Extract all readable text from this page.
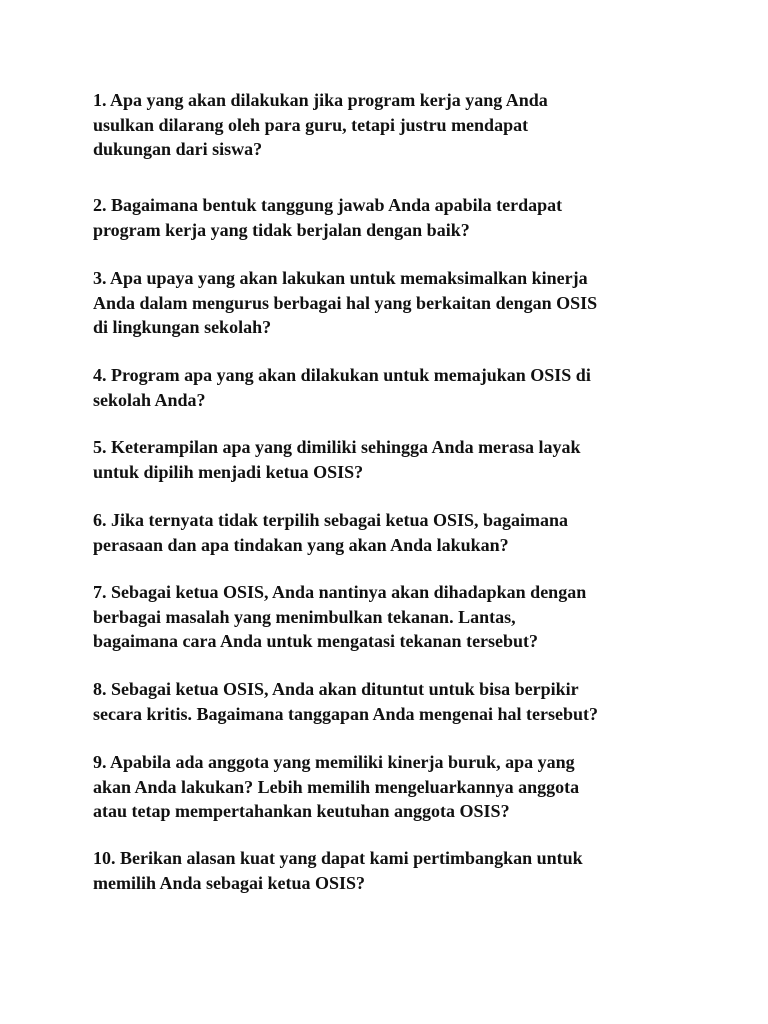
1. Apa yang akan dilakukan jika program kerja yang Anda
usulkan dilarang oleh para guru, tetapi justru mendapat
dukungan dari siswa?

2. Bagaimana bentuk tanggung jawab Anda apabila terdapat
program kerja yang tidak berjalan dengan baik?

3. Apa upaya yang akan lakukan untuk memaksimalkan kinerja
Anda dalam mengurus berbagai hal yang berkaitan dengan OSIS
di lingkungan sekolah?

4. Program apa yang akan dilakukan untuk memajukan OSIS di
sekolah Anda?

5. Keterampilan apa yang dimiliki sehingga Anda merasa layak
untuk dipilih menjadi ketua OSIS?

6. Jika ternyata tidak terpilih sebagai ketua OSIS, bagaimana
perasaan dan apa tindakan yang akan Anda lakukan?

7. Sebagai ketua OSIS, Anda nantinya akan dihadapkan dengan
berbagai masalah yang menimbulkan tekanan. Lantas,
bagaimana cara Anda untuk mengatasi tekanan tersebut?

8. Sebagai ketua OSIS, Anda akan dituntut untuk bisa berpikir
secara kritis. Bagaimana tanggapan Anda mengenai hal tersebut?

9. Apabila ada anggota yang memiliki kinerja buruk, apa yang
akan Anda lakukan? Lebih memilih mengeluarkannya anggota
atau tetap mempertahankan keutuhan anggota OSIS?

10. Berikan alasan kuat yang dapat kami pertimbangkan untuk
memilih Anda sebagai ketua OSIS?
